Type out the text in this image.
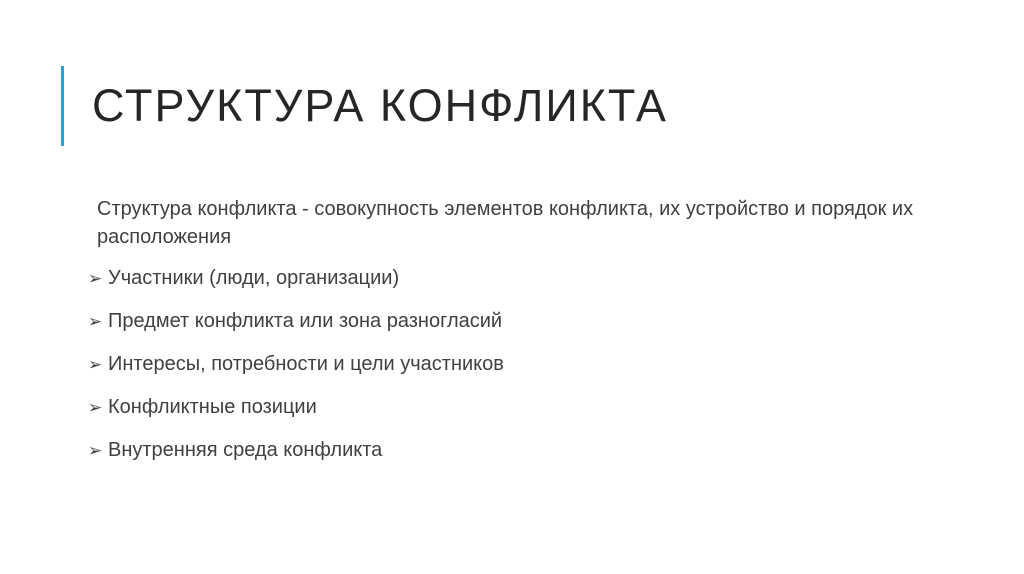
СТРУКТУРА КОНФЛИКТА

Структура конфликта - совокупность элементов конфликта, их устройство и порядок их расположения

➢ Участники (люди, организации)
➢ Предмет конфликта или зона разногласий
➢ Интересы, потребности и цели участников
➢ Конфликтные позиции
➢ Внутренняя среда конфликта
